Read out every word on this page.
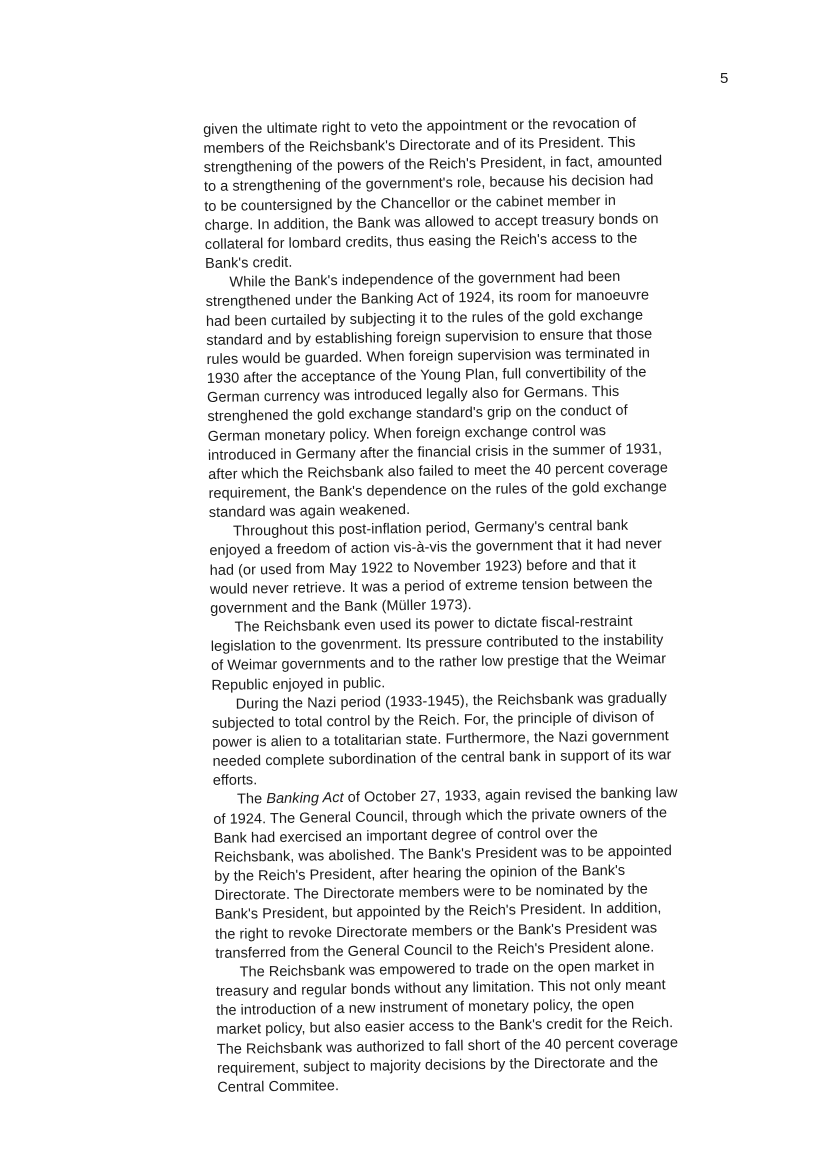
5
given the ultimate right to veto the appointment or the revocation of
members of the Reichsbank's Directorate and of its President. This
strengthening of the powers of the Reich's President, in fact, amounted
to a strengthening of the government's role, because his decision had
to be countersigned by the Chancellor or the cabinet member in
charge. In addition, the Bank was allowed to accept treasury bonds on
collateral for lombard credits, thus easing the Reich's access to the
Bank's credit.
While the Bank's independence of the government had been
strengthened under the Banking Act of 1924, its room for manoeuvre
had been curtailed by subjecting it to the rules of the gold exchange
standard and by establishing foreign supervision to ensure that those
rules would be guarded. When foreign supervision was terminated in
1930 after the acceptance of the Young Plan, full convertibility of the
German currency was introduced legally also for Germans. This
strenghened the gold exchange standard's grip on the conduct of
German monetary policy. When foreign exchange control was
introduced in Germany after the financial crisis in the summer of 1931,
after which the Reichsbank also failed to meet the 40 percent coverage
requirement, the Bank's dependence on the rules of the gold exchange
standard was again weakened.
Throughout this post-inflation period, Germany's central bank
enjoyed a freedom of action vis-à-vis the government that it had never
had (or used from May 1922 to November 1923) before and that it
would never retrieve. It was a period of extreme tension between the
government and the Bank (Müller 1973).
The Reichsbank even used its power to dictate fiscal-restraint
legislation to the govenrment. Its pressure contributed to the instability
of Weimar governments and to the rather low prestige that the Weimar
Republic enjoyed in public.
During the Nazi period (1933-1945), the Reichsbank was gradually
subjected to total control by the Reich. For, the principle of divison of
power is alien to a totalitarian state. Furthermore, the Nazi government
needed complete subordination of the central bank in support of its war
efforts.
The Banking Act of October 27, 1933, again revised the banking law
of 1924. The General Council, through which the private owners of the
Bank had exercised an important degree of control over the
Reichsbank, was abolished. The Bank's President was to be appointed
by the Reich's President, after hearing the opinion of the Bank's
Directorate. The Directorate members were to be nominated by the
Bank's President, but appointed by the Reich's President. In addition,
the right to revoke Directorate members or the Bank's President was
transferred from the General Council to the Reich's President alone.
The Reichsbank was empowered to trade on the open market in
treasury and regular bonds without any limitation. This not only meant
the introduction of a new instrument of monetary policy, the open
market policy, but also easier access to the Bank's credit for the Reich.
The Reichsbank was authorized to fall short of the 40 percent coverage
requirement, subject to majority decisions by the Directorate and the
Central Commitee.
